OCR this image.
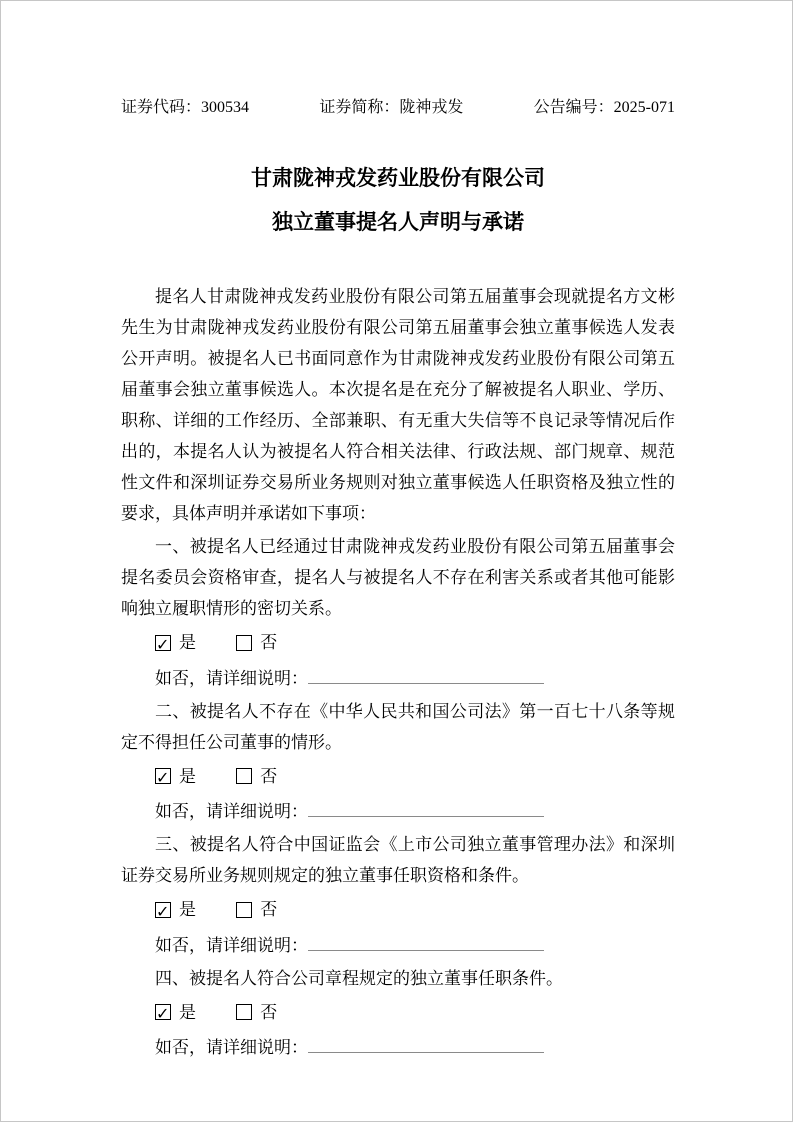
证券代码：300534	证券简称：陇神戎发	公告编号：2025-071
甘肃陇神戎发药业股份有限公司
独立董事提名人声明与承诺

提名人甘肃陇神戎发药业股份有限公司第五届董事会现就提名方文彬先生为甘肃陇神戎发药业股份有限公司第五届董事会独立董事候选人发表公开声明。被提名人已书面同意作为甘肃陇神戎发药业股份有限公司第五届董事会独立董事候选人。本次提名是在充分了解被提名人职业、学历、职称、详细的工作经历、全部兼职、有无重大失信等不良记录等情况后作出的，本提名人认为被提名人符合相关法律、行政法规、部门规章、规范性文件和深圳证券交易所业务规则对独立董事候选人任职资格及独立性的要求，具体声明并承诺如下事项：

一、被提名人已经通过甘肃陇神戎发药业股份有限公司第五届董事会提名委员会资格审查，提名人与被提名人不存在利害关系或者其他可能影响独立履职情形的密切关系。

✓ 是
	否
如否，请详细说明：

二、被提名人不存在《中华人民共和国公司法》第一百七十八条等规定不得担任公司董事的情形。

✓ 是
	否
如否，请详细说明：

三、被提名人符合中国证监会《上市公司独立董事管理办法》和深圳证券交易所业务规则规定的独立董事任职资格和条件。

✓ 是
	否
如否，请详细说明：

四、被提名人符合公司章程规定的独立董事任职条件。

✓ 是
	否
如否，请详细说明：
